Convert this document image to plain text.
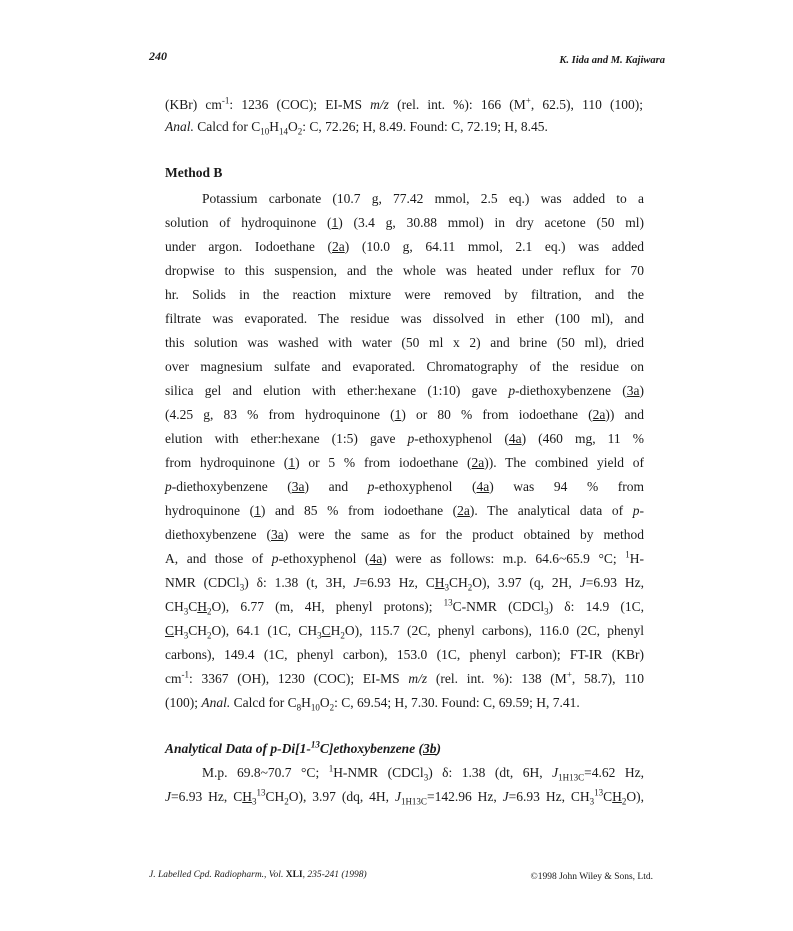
240	K. Iida and M. Kajiwara
(KBr) $cm^{-1}$: 1236 (COC); EI-MS m/z (rel. int. %): 166 (M+, 62.5), 110 (100);
Anal. Calcd for $C_{10}H_{14}O_2$: C, 72.26; H, 8.49. Found: C, 72.19; H, 8.45.
Method B
Potassium carbonate (10.7 g, 77.42 mmol, 2.5 eq.) was added to a
solution of hydroquinone (1) (3.4 g, 30.88 mmol) in dry acetone (50 ml)
under argon. Iodoethane (2a) (10.0 g, 64.11 mmol, 2.1 eq.) was added
dropwise to this suspension, and the whole was heated under reflux for 70
hr. Solids in the reaction mixture were removed by filtration, and the
filtrate was evaporated. The residue was dissolved in ether (100 ml), and
this solution was washed with water (50 ml x 2) and brine (50 ml), dried
over magnesium sulfate and evaporated. Chromatography of the residue on
silica gel and elution with ether:hexane (1:10) gave p-diethoxybenzene (3a)
(4.25 g, 83 % from hydroquinone (1) or 80 % from iodoethane (2a)) and
elution with ether:hexane (1:5) gave p-ethoxyphenol (4a) (460 mg, 11 %
from hydroquinone (1) or 5 % from iodoethane (2a)). The combined yield of
p-diethoxybenzene (3a) and p-ethoxyphenol (4a) was 94 % from
hydroquinone (1) and 85 % from iodoethane (2a). The analytical data of p-
diethoxybenzene (3a) were the same as for the product obtained by method
A, and those of p-ethoxyphenol (4a) were as follows: m.p. 64.6~65.9 °C; $^1$H-
NMR (CDCl$_3$) δ: 1.38 (t, 3H, J=6.93 Hz, $CH_3CH_2O$), 3.97 (q, 2H, J=6.93 Hz,
$CH_3CH_2O$), 6.77 (m, 4H, phenyl protons); $^{13}$C-NMR (CDCl$_3$) δ: 14.9 (1C,
$CH_3CH_2O$), 64.1 (1C, $CH_3CH_2O$), 115.7 (2C, phenyl carbons), 116.0 (2C, phenyl
carbons), 149.4 (1C, phenyl carbon), 153.0 (1C, phenyl carbon); FT-IR (KBr)
$cm^{-1}$: 3367 (OH), 1230 (COC); EI-MS m/z (rel. int. %): 138 (M+, 58.7), 110
(100); Anal. Calcd for $C_8H_{10}O_2$: C, 69.54; H, 7.30. Found: C, 69.59; H, 7.41.
Analytical Data of p-Di[1-$^{13}$C]ethoxybenzene (3b)
M.p. 69.8~70.7 °C; $^1$H-NMR (CDCl$_3$) δ: 1.38 (dt, 6H, $J_{1H13C}=4.62$ Hz,
J=6.93 Hz, $CH_3^{13}CH_2O$), 3.97 (dq, 4H, $J_{1H13C}=142.96$ Hz, J=6.93 Hz, $CH_3^{13}CH_2O$),
J. Labelled Cpd. Radiopharm., Vol. XLI, 235-241 (1998)	©1998 John Wiley & Sons, Ltd.
